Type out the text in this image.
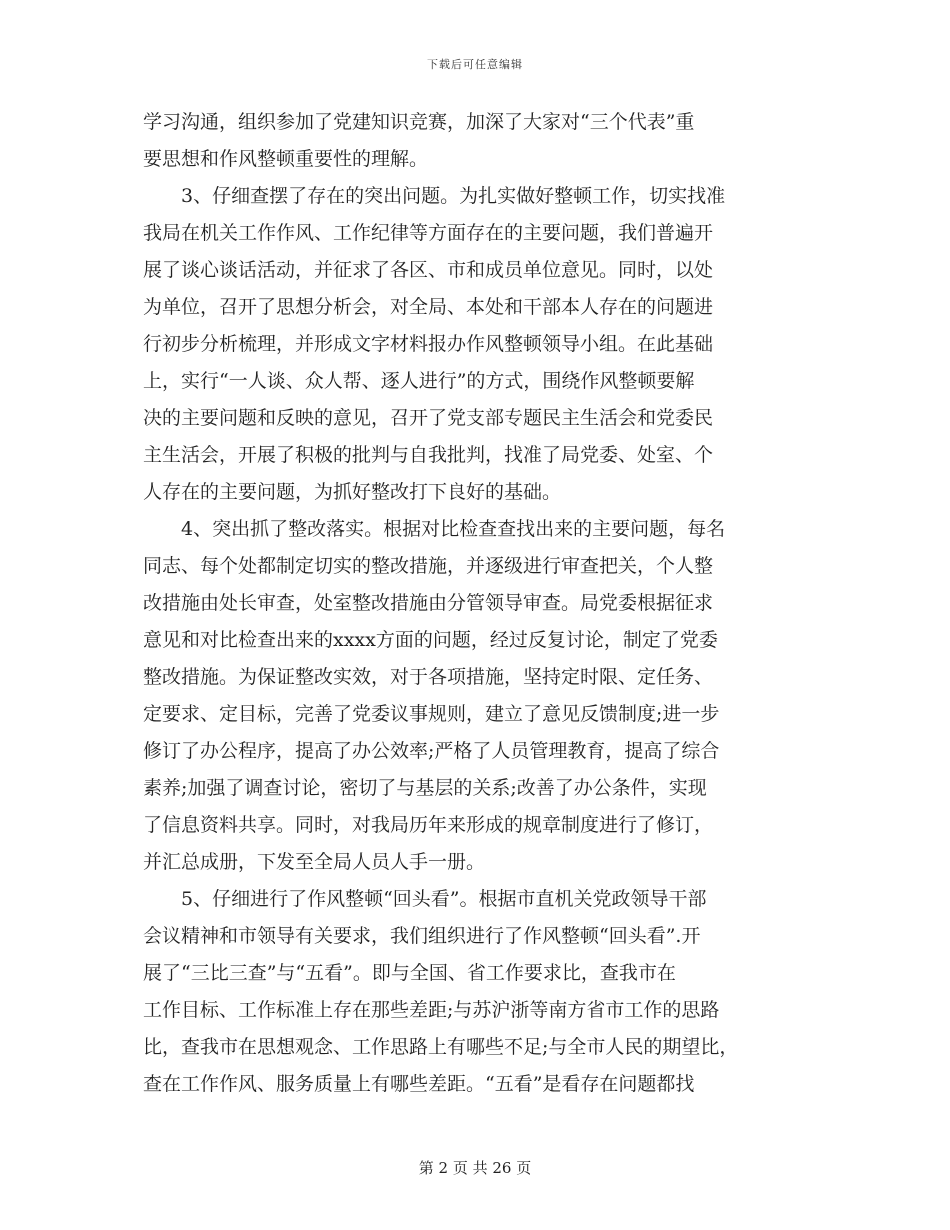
下载后可任意编辑
学习沟通，组织参加了党建知识竞赛，加深了大家对“三个代表”重
要思想和作风整顿重要性的理解。
3、仔细查摆了存在的突出问题。为扎实做好整顿工作，切实找准
我局在机关工作作风、工作纪律等方面存在的主要问题，我们普遍开
展了谈心谈话活动，并征求了各区、市和成员单位意见。同时，以处
为单位，召开了思想分析会，对全局、本处和干部本人存在的问题进
行初步分析梳理，并形成文字材料报办作风整顿领导小组。在此基础
上，实行“一人谈、众人帮、逐人进行”的方式，围绕作风整顿要解
决的主要问题和反映的意见，召开了党支部专题民主生活会和党委民
主生活会，开展了积极的批判与自我批判，找准了局党委、处室、个
人存在的主要问题，为抓好整改打下良好的基础。
4、突出抓了整改落实。根据对比检查查找出来的主要问题，每名
同志、每个处都制定切实的整改措施，并逐级进行审查把关，个人整
改措施由处长审查，处室整改措施由分管领导审查。局党委根据征求
意见和对比检查出来的xxxx方面的问题，经过反复讨论，制定了党委
整改措施。为保证整改实效，对于各项措施，坚持定时限、定任务、
定要求、定目标，完善了党委议事规则，建立了意见反馈制度;进一步
修订了办公程序，提高了办公效率;严格了人员管理教育，提高了综合
素养;加强了调查讨论，密切了与基层的关系;改善了办公条件，实现
了信息资料共享。同时，对我局历年来形成的规章制度进行了修订，
并汇总成册，下发至全局人员人手一册。
5、仔细进行了作风整顿“回头看”。根据市直机关党政领导干部
会议精神和市领导有关要求，我们组织进行了作风整顿“回头看”.开
展了“三比三查”与“五看”。即与全国、省工作要求比，查我市在
工作目标、工作标准上存在那些差距;与苏沪浙等南方省市工作的思路
比，查我市在思想观念、工作思路上有哪些不足;与全市人民的期望比，
查在工作作风、服务质量上有哪些差距。“五看”是看存在问题都找
第 2 页 共 26 页
